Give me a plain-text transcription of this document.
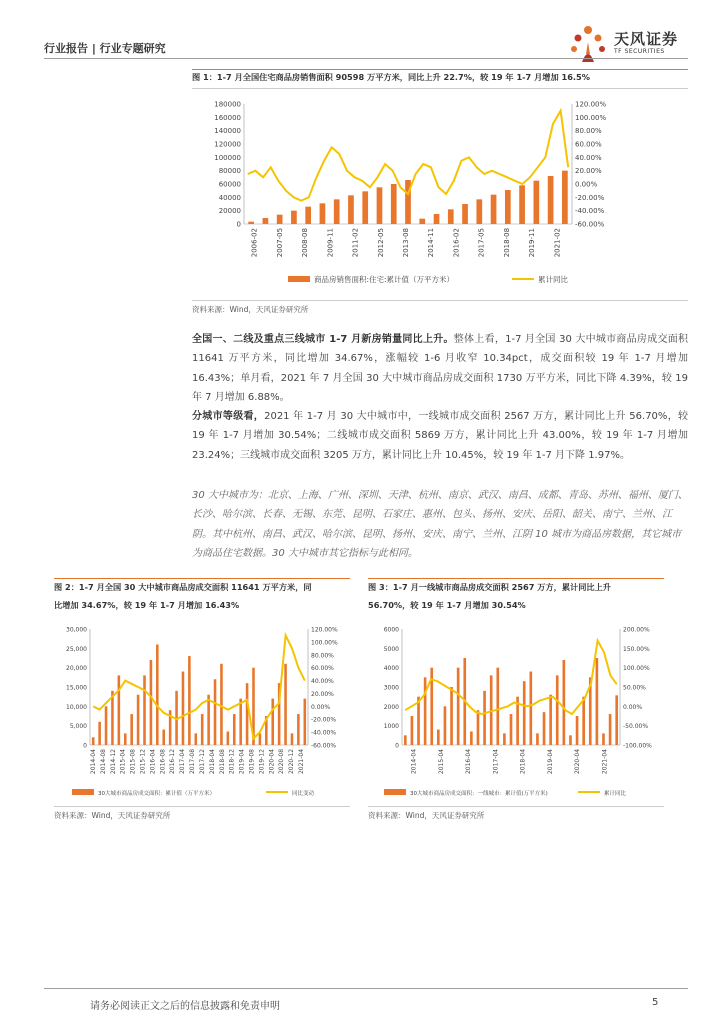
行业报告 | 行业专题研究
天风证券
TF SECURITIES
图 1：1-7 月全国住宅商品房销售面积 90598 万平方米，同比上升 22.7%，较 19 年 1-7 月增加 16.5%
0
20000
40000
60000
80000
100000
120000
140000
160000
180000
-60.00%
-40.00%
-20.00%
0.00%
20.00%
40.00%
60.00%
80.00%
100.00%
120.00%
2006-02 2007-05 2008-08 2009-11 2011-02 2012-05 2013-08 2014-11 2016-02 2017-05 2018-08 2019-11 2021-02
商品房销售面积:住宅:累计值（万平方米）	累计同比
资料来源：Wind，天风证券研究所
全国一、二线及重点三线城市 1-7 月新房销量同比上升。整体上看，1-7 月全国 30 大中城市商品房成交面积 11641 万平方米，同比增加 34.67%，涨幅较 1-6 月收窄 10.34pct，成交面积较 19 年 1-7 月增加 16.43%；单月看，2021 年 7 月全国 30 大中城市商品房成交面积 1730 万平方米，同比下降 4.39%，较 19 年 7 月增加 6.88%。
分城市等级看，2021 年 1-7 月 30 大中城市中，一线城市成交面积 2567 万方，累计同比上升 56.70%，较 19 年 1-7 月增加 30.54%；二线城市成交面积 5869 万方，累计同比上升 43.00%，较 19 年 1-7 月增加 23.24%；三线城市成交面积 3205 万方，累计同比上升 10.45%，较 19 年 1-7 月下降 1.97%。
30 大中城市为：北京、上海、广州、深圳、天津、杭州、南京、武汉、南昌、成都、青岛、苏州、福州、厦门、长沙、哈尔滨、长春、无锡、东莞、昆明、石家庄、惠州、包头、扬州、安庆、岳阳、韶关、南宁、兰州、江阴。其中杭州、南昌、武汉、哈尔滨、昆明、扬州、安庆、南宁、兰州、江阴 10 城市为商品房数据，其它城市为商品住宅数据。30 大中城市其它指标与此相同。
图 2：1-7 月全国 30 大中城市商品房成交面积 11641 万平方米，同
比增加 34.67%，较 19 年 1-7 月增加 16.43%
0
5,000
10,000
15,000
20,000
25,000
30,000
-60.00%
-40.00%
-20.00%
0.00%
20.00%
40.00%
60.00%
80.00%
100.00%
120.00%
2014-04 2014-08 2014-12 2015-04 2015-08 2015-12 2016-04 2016-08 2016-12 2017-04 2017-08 2017-12 2018-04 2018-08 2018-12 2019-04 2019-08 2019-12 2020-04 2020-08 2020-12 2021-04
30大城市商品房成交面积：累计值（万平方米）	同比变动
资料来源：Wind，天风证券研究所
图 3：1-7 月一线城市商品房成交面积 2567 万方，累计同比上升
56.70%，较 19 年 1-7 月增加 30.54%
0
1000
2000
3000
4000
5000
6000
-100.00%
-50.00%
0.00%
50.00%
100.00%
150.00%
200.00%
2014-04	2015-04	2016-04	2017-04	2018-04	2019-04	2020-04	2021-04
30大城市商品房成交面积：一线城市：累计值(万平方米)	累计同比
资料来源：Wind，天风证券研究所
请务必阅读正文之后的信息披露和免责申明	5
